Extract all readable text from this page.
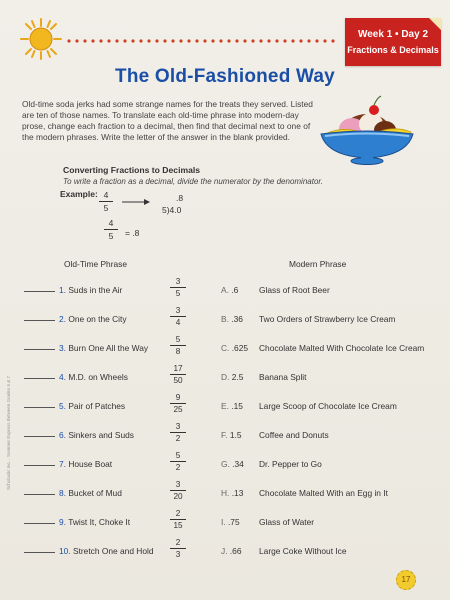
Week 1 • Day 2
Fractions & Decimals
The Old-Fashioned Way
Old-time soda jerks had some strange names for the treats they served. Listed are ten of those names. To translate each old-time phrase into modern-day prose, change each fraction to a decimal, then find that decimal next to one of the modern phrases. Write the letter of the answer in the blank provided.
Converting Fractions to Decimals
To write a fraction as a decimal, divide the numerator by the denominator.
Example: 4
5
.8
5)4.0
4
5	= .8
Old-Time Phrase	Modern Phrase
1. Suds in the Air
3
5	A. .6 Glass of Root Beer
2. One on the City
3
4	B. .36 Two Orders of Strawberry Ice Cream
3. Burn One All the Way
5
8	C. .625 Chocolate Malted With Chocolate Ice Cream
4. M.D. on Wheels
17
50	D. 2.5 Banana Split
5. Pair of Patches
9
25	E. .15 Large Scoop of Chocolate Ice Cream
6. Sinkers and Suds
3
2	F. 1.5 Coffee and Donuts
7. House Boat
5
2	G. .34 Dr. Pepper to Go
8. Bucket of Mud
3
20	H. .13 Chocolate Malted With an Egg in It
9. Twist It, Choke It
2
15	I. .75 Glass of Water
10. Stretch One and Hold
2
3	J. .66 Large Coke Without Ice
Scholastic Inc. · Summer Express Between Grades 6 & 7
17
